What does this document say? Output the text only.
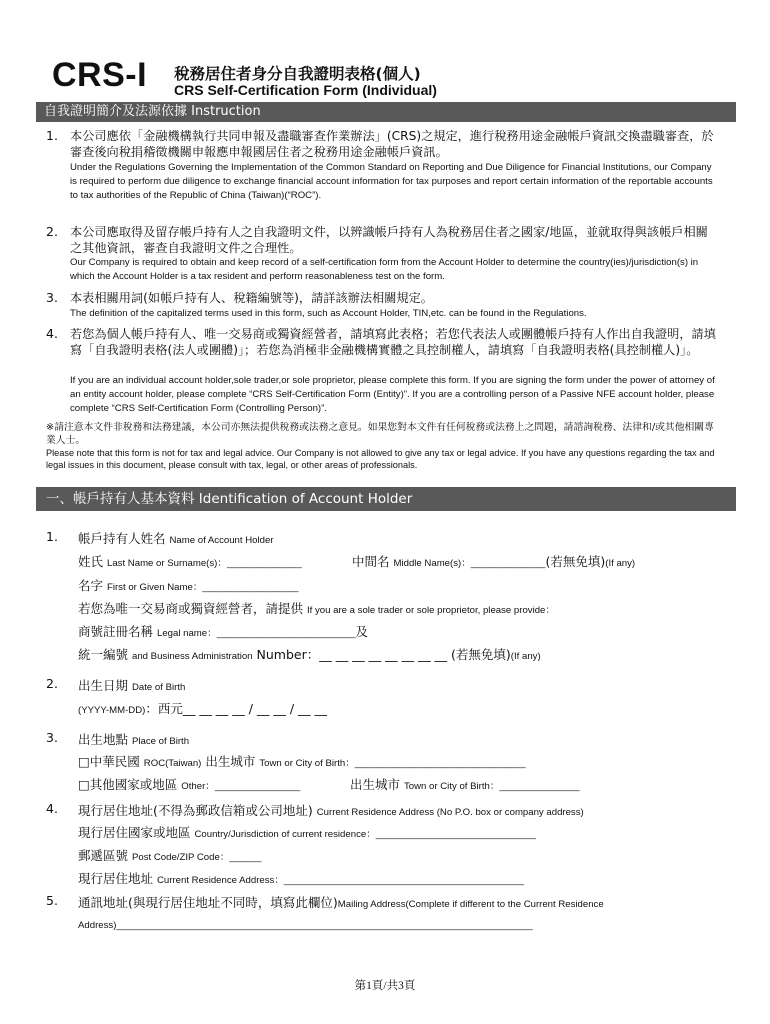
CRS-I 稅務居住者身分自我證明表格(個人)
CRS Self-Certification Form (Individual)
自我證明簡介及法源依據 Instruction
1. 本公司應依「金融機構執行共同申報及盡職審查作業辦法」(CRS)之規定，進行稅務用途金融帳戶資訊交換盡職審查，於審查後向稅捐稽徵機關申報應申報國居住者之稅務用途金融帳戶資訊。
Under the Regulations Governing the Implementation of the Common Standard on Reporting and Due Diligence for Financial Institutions, our Company is required to perform due diligence to exchange financial account information for tax purposes and report certain information of the reportable accounts to tax authorities of the Republic of China (Taiwan)(“ROC”).
2. 本公司應取得及留存帳戶持有人之自我證明文件，以辨識帳戶持有人為稅務居住者之國家/地區，並就取得與該帳戶相關之其他資訊，審查自我證明文件之合理性。
Our Company is required to obtain and keep record of a self-certification form from the Account Holder to determine the country(ies)/jurisdiction(s) in which the Account Holder is a tax resident and perform reasonableness test on the form.
3. 本表相關用詞(如帳戶持有人、稅籍編號等)，請詳該辦法相關規定。
The definition of the capitalized terms used in this form, such as Account Holder, TIN,etc. can be found in the Regulations.
4. 若您為個人帳戶持有人、唯一交易商或獨資經營者，請填寫此表格；若您代表法人或團體帳戶持有人作出自我證明，請填寫「自我證明表格(法人或團體)」；若您為消極非金融機構實體之具控制權人，請填寫「自我證明表格(具控制權人)」。
If you are an individual account holder,sole trader,or sole proprietor, please complete this form. If you are signing the form under the power of attorney of an entity account holder, please complete “CRS Self-Certification Form (Entity)”. If you are a controlling person of a Passive NFE account holder, please complete “CRS Self-Certification Form (Controlling Person)”.
※請注意本文件非稅務和法務建議，本公司亦無法提供稅務或法務之意見。如果您對本文件有任何稅務或法務上之問題，請諮詢稅務、法律和/或其他相關專業人士。
Please note that this form is not for tax and legal advice. Our Company is not allowed to give any tax or legal advice. If you have any questions regarding the tax and legal issues in this document, please consult with tax, legal, or other areas of professionals.
一、帳戶持有人基本資料 Identification of Account Holder
1. 帳戶持有人姓名 Name of Account Holder
姓氏 Last Name or Surname(s)：______________	中間名 Middle Name(s)：______________(若無免填)(If any)
名字 First or Given Name：__________________
若您為唯一交易商或獨資經營者，請提供 If you are a sole trader or sole proprietor, please provide：
商號註冊名稱 Legal name：__________________________及
統一編號 and Business Administration Number：__ __ __ __ __ __ __ __ (若無免填)(If any)
2. 出生日期 Date of Birth
(YYYY-MM-DD)：西元__ __ __ __ / __ __ / __ __
3. 出生地點 Place of Birth
□中華民國 ROC(Taiwan) 出生城市 Town or City of Birth：________________________________
□其他國家或地區 Other：________________	出生城市 Town or City of Birth：_______________
4. 現行居住地址(不得為郵政信箱或公司地址) Current Residence Address (No P.O. box or company address)
現行居住國家或地區 Country/Jurisdiction of current residence：______________________________
郵遞區號 Post Code/ZIP Code：______
現行居住地址 Current Residence Address：_____________________________________________
5. 通訊地址(與現行居住地址不同時，填寫此欄位)Mailing Address(Complete if different to the Current Residence
Address)______________________________________________________________________________
第1頁/共3頁
